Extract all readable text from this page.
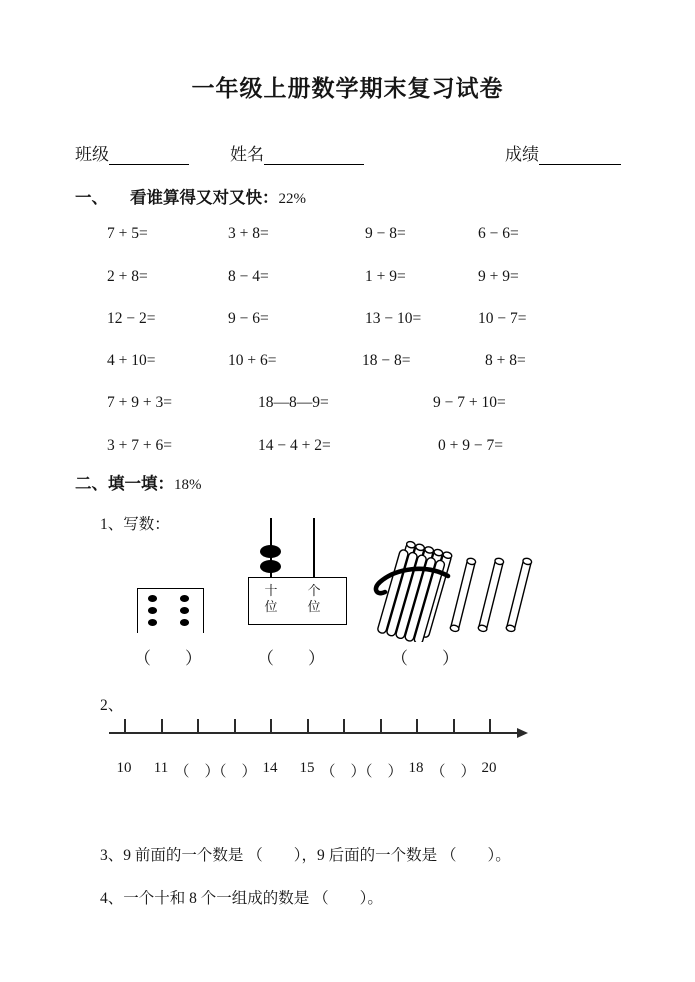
一年级上册数学期末复习试卷
班级	姓名	成绩
一、 看谁算得又对又快：22%
7 + 5=	3 + 8=	9 − 8=	6 − 6=
2 + 8=	8 − 4=	1 + 9=	9 + 9=
12 − 2=	9 − 6=	13 − 10=	10 − 7=
4 + 10=	10 + 6=	18 − 8=	8 + 8=
7 + 9 + 3=	18—8—9=	9 − 7 + 10=
3 + 7 + 6=	14 − 4 + 2=	0 + 9 − 7=
二、填一填：18%
1、写数：
十
位
个
位
（　　）	（　　）	（　　）
2、
10 11 （　）
（　） 14 15 （　）
（　） 18 （　） 20
3、9 前面的一个数是 （　　），9 后面的一个数是 （　　）。
4、一个十和 8 个一组成的数是 （　　）。
